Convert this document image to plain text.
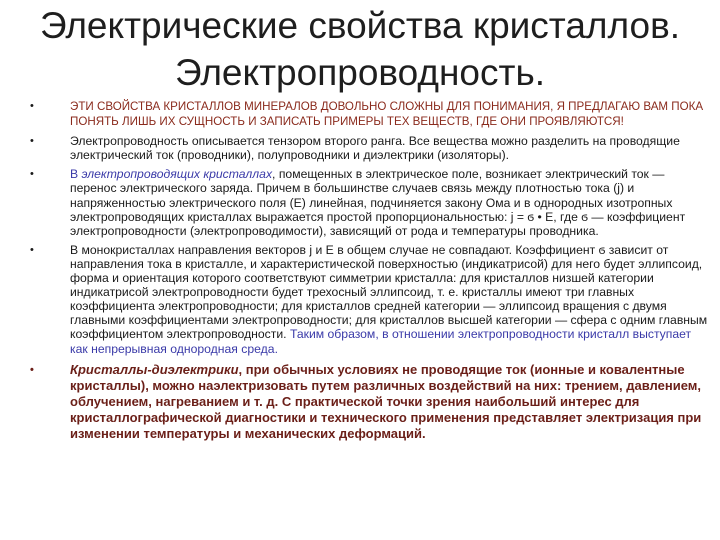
Электрические свойства кристаллов.
Электропроводность.
•	ЭТИ СВОЙСТВА КРИСТАЛЛОВ МИНЕРАЛОВ ДОВОЛЬНО СЛОЖНЫ ДЛЯ ПОНИМАНИЯ, Я ПРЕДЛАГАЮ ВАМ ПОКА ПОНЯТЬ ЛИШЬ ИХ СУЩНОСТЬ И ЗАПИСАТЬ ПРИМЕРЫ ТЕХ ВЕЩЕСТВ, ГДЕ ОНИ ПРОЯВЛЯЮТСЯ!
•	Электропроводность описывается тензором второго ранга. Все вещества можно разделить на проводящие электрический ток (проводники), полупроводники и диэлектрики (изоляторы).
•	В электропроводящих кристаллах, помещенных в электрическое поле, возникает электрический ток — перенос электрического заряда. Причем в большинстве случаев связь между плотностью тока (j) и напряженностью электрического поля (Е) линейная, подчиняется закону Ома и в однородных изотропных электропроводящих кристаллах выражается простой пропорциональностью: j = ϭ • Е, где ϭ — коэффициент электропроводности (электропроводимости), зависящий от рода и температуры проводника.
•	В монокристаллах направления векторов j и Е в общем случае не совпадают. Коэффициент ϭ зависит от направления тока в кристалле, и характеристической поверхностью (индикатрисой) для него будет эллипсоид, форма и ориентация которого соответствуют симметрии кристалла: для кристаллов низшей категории индикатрисой электропроводности будет трехосный эллипсоид, т. е. кристаллы имеют три главных коэффициента электропроводности; для кристаллов средней категории — эллипсоид вращения с двумя главными коэффициентами электропроводности; для кристаллов высшей категории — сфера с одним главным коэффициентом электропроводности. Таким образом, в отношении электропроводности кристалл выступает как непрерывная однородная среда.
•	Кристаллы-диэлектрики, при обычных условиях не проводящие ток (ионные и ковалентные кристаллы), можно наэлектризовать путем различных воздействий на них: трением, давлением, облучением, нагреванием и т. д. С практической точки зрения наибольший интерес для кристаллографической диагностики и технического применения представляет электризация при изменении температуры и механических деформаций.
